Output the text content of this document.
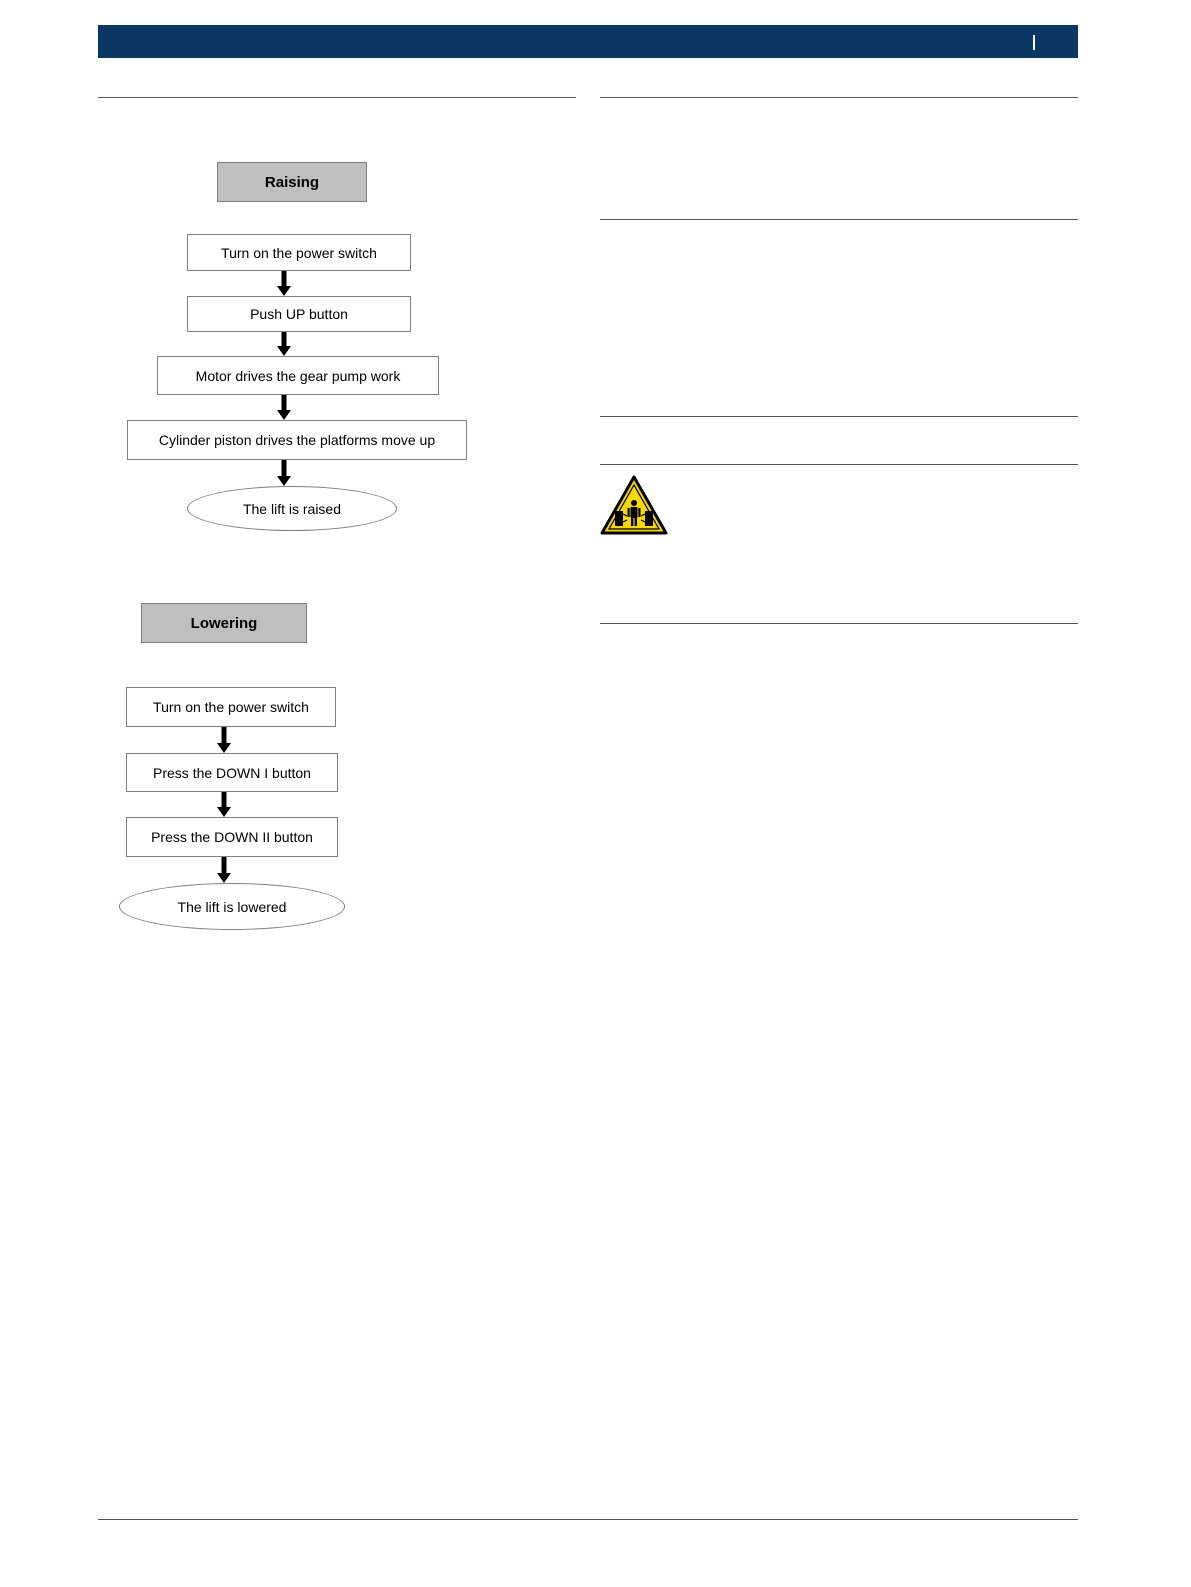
Raising
Turn on the power switch
Push UP button
Motor drives the gear pump work
Cylinder piston drives the platforms move up
The lift is raised
Lowering
Turn on the power switch
Press the DOWN I button
Press the DOWN II button
The lift is lowered
